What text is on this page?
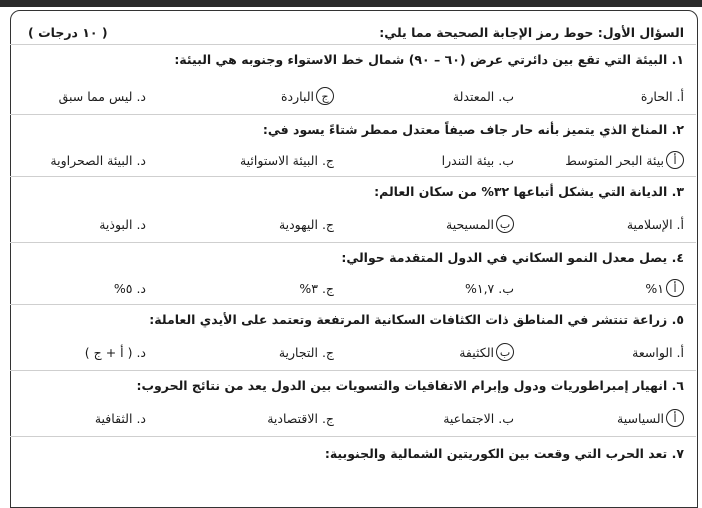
السؤال الأول: حوط رمز الإجابة الصحيحة مما يلي:
( ١٠ درجات )
١. البيئة التي تقع بين دائرتي عرض (٦٠ – ٩٠) شمال خط الاستواء وجنوبه هي البيئة:
أ.

الحارة
ب.

المعتدلة
ج
الباردة
د.

ليس مما سبق
٢. المناخ الذي يتميز بأنه حار جاف صيفاً معتدل ممطر شتاءً يسود في:
أ
بيئة البحر المتوسط
ب.

بيئة التندرا
ج.

البيئة الاستوائية
د.

البيئة الصحراوية
٣. الديانة التي يشكل أتباعها ٣٢% من سكان العالم:
أ.

الإسلامية
ب
المسيحية
ج.

اليهودية
د.

البوذية
٤. يصل معدل النمو السكاني في الدول المتقدمة حوالي:
أ
١%
ب.

١,٧%
ج.

٣%
د.

٥%
٥. زراعة تنتشر في المناطق ذات الكثافات السكانية المرتفعة وتعتمد على الأيدي العاملة:
أ.

الواسعة
ب
الكثيفة
ج.

التجارية
د.

( أ + ج )
٦. انهيار إمبراطوريات ودول وإبرام الاتفاقيات والتسويات بين الدول يعد من نتائج الحروب:
أ
السياسية
ب.

الاجتماعية
ج.

الاقتصادية
د.

الثقافية
٧. تعد الحرب التي وقعت بين الكوريتين الشمالية والجنوبية:
